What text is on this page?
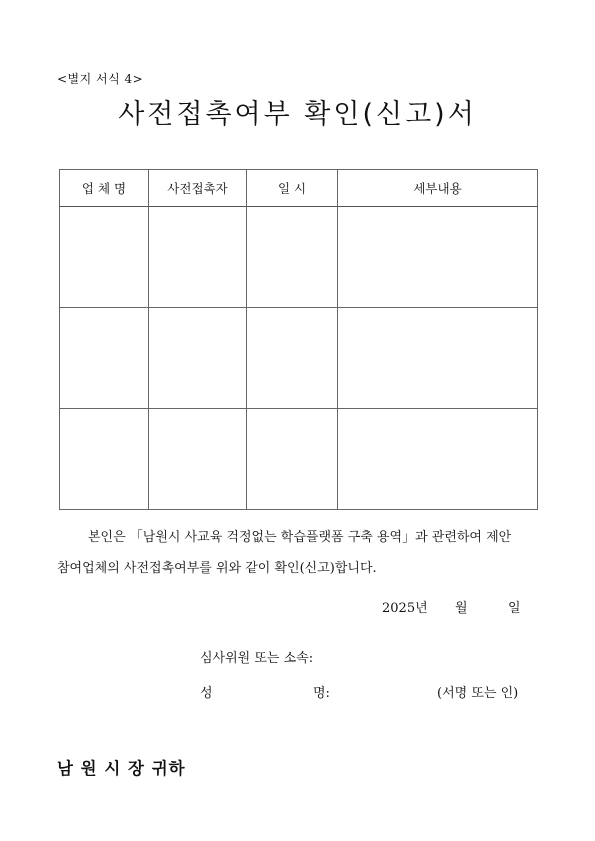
<별지 서식 4>
사전접촉여부 확인(신고)서
업 체 명	사전접촉자	일 시	세부내용

본인은 「남원시 사교육 걱정없는 학습플랫폼 구축 용역」과 관련하여 제안
참여업체의 사전접촉여부를 위와 같이 확인(신고)합니다.
2025년 월	일
심사위원 또는 소속:
성	명:	(서명 또는 인)
남 원 시 장 귀하
